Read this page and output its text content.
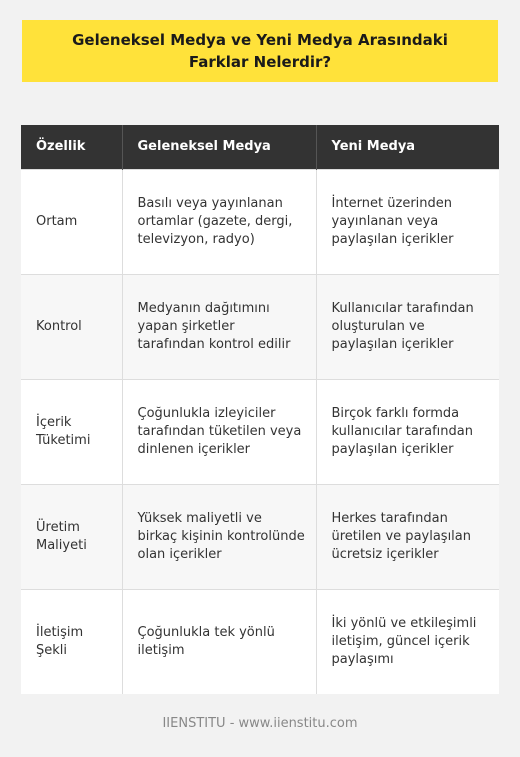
Geleneksel Medya ve Yeni Medya Arasındaki Farklar Nelerdir?
Özellik	Geleneksel Medya	Yeni Medya
Ortam	Basılı veya yayınlanan ortamlar (gazete, dergi, televizyon, radyo)	İnternet üzerinden yayınlanan veya paylaşılan içerikler
Kontrol	Medyanın dağıtımını yapan şirketler tarafından kontrol edilir	Kullanıcılar tarafından oluşturulan ve paylaşılan içerikler
İçerik Tüketimi	Çoğunlukla izleyiciler tarafından tüketilen veya dinlenen içerikler	Birçok farklı formda kullanıcılar tarafından paylaşılan içerikler
Üretim Maliyeti	Yüksek maliyetli ve birkaç kişinin kontrolünde olan içerikler	Herkes tarafından üretilen ve paylaşılan ücretsiz içerikler
İletişim Şekli	Çoğunlukla tek yönlü iletişim	İki yönlü ve etkileşimli iletişim, güncel içerik paylaşımı
IIENSTITU - www.iienstitu.com
